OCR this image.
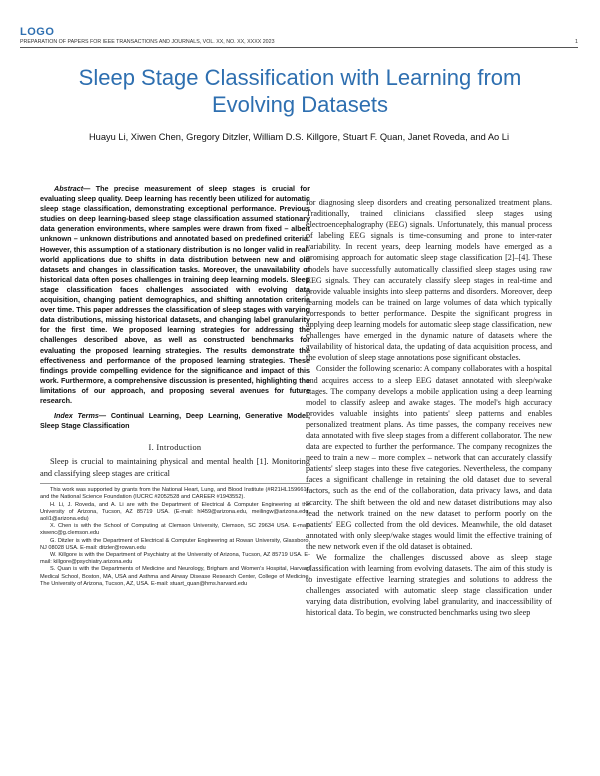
LOGO
PREPARATION OF PAPERS FOR IEEE TRANSACTIONS AND JOURNALS, VOL. XX, NO. XX, XXXX 2023	1
Sleep Stage Classification with Learning from Evolving Datasets
Huayu Li, Xiwen Chen, Gregory Ditzler, William D.S. Killgore, Stuart F. Quan, Janet Roveda, and Ao Li

Abstract— The precise measurement of sleep stages is crucial for evaluating sleep quality. Deep learning has recently been utilized for automatic sleep stage classification, demonstrating exceptional performance. Previous studies on deep learning-based sleep stage classification assumed stationary data generation environments, where samples were drawn from fixed – albeit unknown – unknown distributions and annotated based on predefined criteria. However, this assumption of a stationary distribution is no longer valid in real-world applications due to shifts in data distribution between new and old datasets and changes in classification tasks. Moreover, the unavailability of historical data often poses challenges in training deep learning models. Sleep stage classification faces challenges associated with evolving data acquisition, changing patient demographics, and shifting annotation criteria over time. This paper addresses the classification of sleep stages with varying data distributions, missing historical datasets, and changing label granularity for the first time. We proposed learning strategies for addressing the challenges described above, as well as constructed benchmarks for evaluating the proposed learning strategies. The results demonstrate the effectiveness and performance of the proposed learning strategies. These findings provide compelling evidence for the significance and impact of this work. Furthermore, a comprehensive discussion is presented, highlighting the limitations of our approach, and proposing several avenues for future research.

Index Terms— Continual Learning, Deep Learning, Generative Model, Sleep Stage Classification

I. Introduction

Sleep is crucial to maintaining physical and mental health [1]. Monitoring and classifying sleep stages are critical

This work was supported by grants from the National Heart, Lung, and Blood Institute (#R21HL159661), and the National Science Foundation (IUCRC #2052528 and CAREER #1943552).

H. Li, J. Roveda, and A. Li are with the Department of Electrical & Computer Engineering at the University of Arizona, Tucson, AZ 85719 USA. (E-mail: hl459@arizona.edu, meilingw@arizona.edu, aoli1@arizona.edu)

X. Chen is with the School of Computing at Clemson University, Clemson, SC 29634 USA. E-mail: xiwenc@g.clemson.edu

G. Ditzler is with the Department of Electrical & Computer Engineering at Rowan University, Glassboro, NJ 08028 USA. E-mail: ditzler@rowan.edu

W. Killgore is with the Department of Psychiatry at the University of Arizona, Tucson, AZ 85719 USA. E-mail: killgore@psychiatry.arizona.edu

S. Quan is with the Departments of Medicine and Neurology, Brigham and Women's Hospital, Harvard Medical School, Boston, MA, USA and Asthma and Airway Disease Research Center, College of Medicine, The University of Arizona, Tucson, AZ, USA. E-mail: stuart_quan@hms.harvard.edu

for diagnosing sleep disorders and creating personalized treatment plans. Traditionally, trained clinicians classified sleep stages using electroencephalography (EEG) signals. Unfortunately, this manual process of labeling EEG signals is time-consuming and prone to inter-rater variability. In recent years, deep learning models have emerged as a promising approach for automatic sleep stage classification [2]–[4]. These models have successfully automatically classified sleep stages using raw EEG signals. They can accurately classify sleep stages in real-time and provide valuable insights into sleep patterns and disorders. Moreover, deep learning models can be trained on large volumes of data which typically corresponds to better performance. Despite the significant progress in applying deep learning models for automatic sleep stage classification, new challenges have emerged in the dynamic nature of datasets where the availability of historical data, the updating of data acquisition process, and the evolution of sleep stage annotations pose significant obstacles.

Consider the following scenario: A company collaborates with a hospital and acquires access to a sleep EEG dataset annotated with sleep/wake stages. The company develops a mobile application using a deep learning model to classify asleep and awake stages. The model's high accuracy provides valuable insights into patients' sleep patterns and enables personalized treatment plans. As time passes, the company receives new data annotated with five sleep stages from a different collaborator. The new data are expected to further the performance. The company recognizes the need to train a new – more complex – network that can accurately classify patients' sleep stages into these five categories. Nevertheless, the company faces a significant challenge in retaining the old dataset due to several factors, such as the end of the collaboration, data privacy laws, and data scarcity. The shift between the old and new dataset distributions may also lead the network trained on the new dataset to perform poorly on the patients' EEG collected from the old devices. Meanwhile, the old dataset annotated with only sleep/wake stages would limit the effective training of the new network even if the old dataset is obtained.

We formalize the challenges discussed above as sleep stage classification with learning from evolving datasets. The aim of this study is to investigate effective learning strategies and solutions to address the challenges associated with automatic sleep stage classification under varying data distribution, evolving label granularity, and inaccessibility of historical data. To begin, we constructed benchmarks using two sleep
